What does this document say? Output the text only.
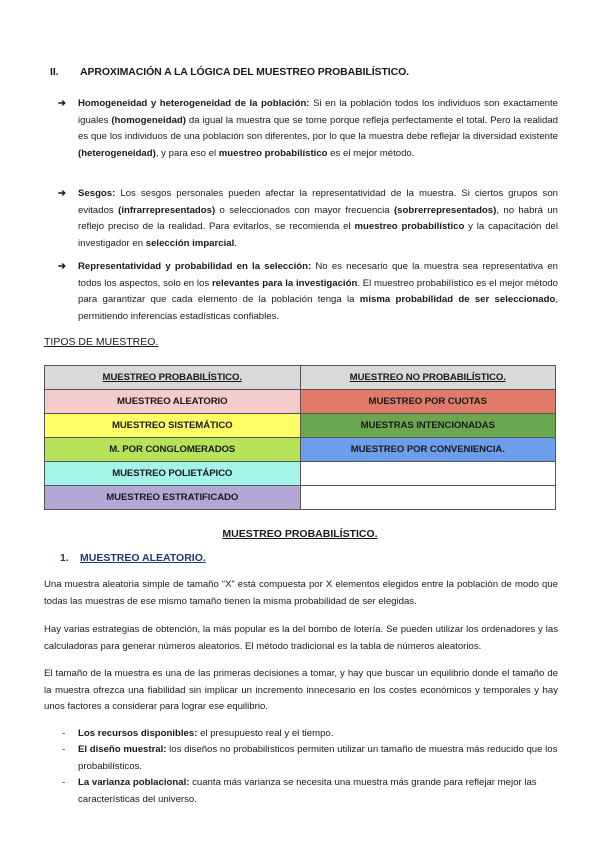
II. APROXIMACIÓN A LA LÓGICA DEL MUESTREO PROBABILÍSTICO.
➔ Homogeneidad y heterogeneidad de la población: Si en la población todos los individuos son exactamente iguales (homogeneidad) da igual la muestra que se tome porque refleja perfectamente el total. Pero la realidad es que los individuos de una población son diferentes, por lo que la muestra debe reflejar la diversidad existente (heterogeneidad), y para eso el muestreo probabilístico es el mejor método.
➔ Sesgos: Los sesgos personales pueden afectar la representatividad de la muestra. Si ciertos grupos son evitados (infrarrepresentados) o seleccionados con mayor frecuencia (sobrerrepresentados), no habrá un reflejo preciso de la realidad. Para evitarlos, se recomienda el muestreo probabilístico y la capacitación del investigador en selección imparcial.
➔ Representatividad y probabilidad en la selección: No es necesario que la muestra sea representativa en todos los aspectos, solo en los relevantes para la investigación. El muestreo probabilístico es el mejor método para garantizar que cada elemento de la población tenga la misma probabilidad de ser seleccionado, permitiendo inferencias estadísticas confiables.
TIPOS DE MUESTREO.
MUESTREO PROBABILÍSTICO.	MUESTREO NO PROBABILÍSTICO.
MUESTREO ALEATORIO	MUESTREO POR CUOTAS
MUESTREO SISTEMÁTICO	MUESTRAS INTENCIONADAS
M. POR CONGLOMERADOS	MUESTREO POR CONVENIENCIA.
MUESTREO POLIETÁPICO	
MUESTREO ESTRATIFICADO	
MUESTREO PROBABILÍSTICO.
1. MUESTREO ALEATORIO.
Una muestra aleatoria simple de tamaño “X” está compuesta por X elementos elegidos entre la población de modo que todas las muestras de ese mismo tamaño tienen la misma probabilidad de ser elegidas.
Hay varias estrategias de obtención, la más popular es la del bombo de lotería. Se pueden utilizar los ordenadores y las calculadoras para generar números aleatorios. El método tradicional es la tabla de números aleatorios.
El tamaño de la muestra es una de las primeras decisiones a tomar, y hay que buscar un equilibrio donde el tamaño de la muestra ofrezca una fiabilidad sin implicar un incremento innecesario en los costes económicos y temporales y hay unos factores a considerar para lograr ese equilibrio.
- Los recursos disponibles: el presupuesto real y el tiempo.
- El diseño muestral: los diseños no probabilísticos permiten utilizar un tamaño de muestra más reducido que los probabilísticos.
- La varianza poblacional: cuanta más varianza se necesita una muestra más grande para reflejar mejor las características del universo.
